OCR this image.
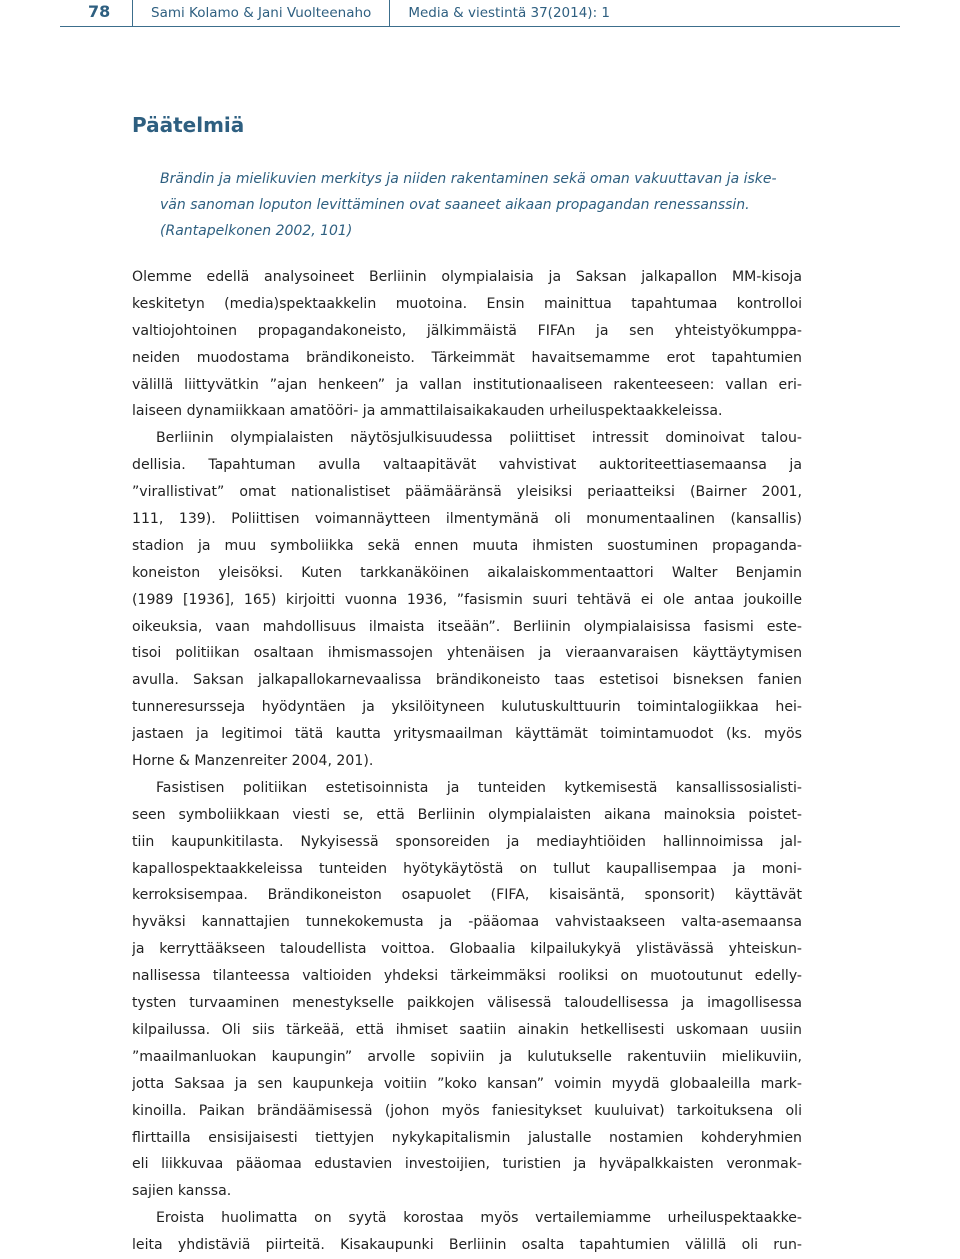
78	Sami Kolamo & Jani Vuolteenaho	Media & viestintä 37(2014): 1
Päätelmiä
Brändin ja mielikuvien merkitys ja niiden rakentaminen sekä oman vakuuttavan ja iske-
vän sanoman loputon levittäminen ovat saaneet aikaan propagandan renessanssin.
(Rantapelkonen 2002, 101)
Olemme edellä analysoineet Berliinin olympialaisia ja Saksan jalkapallon MM-kisoja
keskitetyn (media)spektaakkelin muotoina. Ensin mainittua tapahtumaa kontrolloi
valtiojohtoinen propagandakoneisto, jälkimmäistä FIFAn ja sen yhteistyökumppa-
neiden muodostama brändikoneisto. Tärkeimmät havaitsemamme erot tapahtumien
välillä liittyvätkin ”ajan henkeen” ja vallan institutionaaliseen rakenteeseen: vallan eri-
laiseen dynamiikkaan amatööri- ja ammattilaisaikakauden urheiluspektaakkeleissa.
Berliinin olympialaisten näytösjulkisuudessa poliittiset intressit dominoivat talou-
dellisia. Tapahtuman avulla valtaapitävät vahvistivat auktoriteettiasemaansa ja
”virallistivat” omat nationalistiset päämääränsä yleisiksi periaatteiksi (Bairner 2001,
111, 139). Poliittisen voimannäytteen ilmentymänä oli monumentaalinen (kansallis)
stadion ja muu symboliikka sekä ennen muuta ihmisten suostuminen propaganda-
koneiston yleisöksi. Kuten tarkkanäköinen aikalaiskommentaattori Walter Benjamin
(1989 [1936], 165) kirjoitti vuonna 1936, ”fasismin suuri tehtävä ei ole antaa joukoille
oikeuksia, vaan mahdollisuus ilmaista itseään”. Berliinin olympialaisissa fasismi este-
tisoi politiikan osaltaan ihmismassojen yhtenäisen ja vieraanvaraisen käyttäytymisen
avulla. Saksan jalkapallokarnevaalissa brändikoneisto taas estetisoi bisneksen fanien
tunneresursseja hyödyntäen ja yksilöityneen kulutuskulttuurin toimintalogiikkaa hei-
jastaen ja legitimoi tätä kautta yritysmaailman käyttämät toimintamuodot (ks. myös
Horne & Manzenreiter 2004, 201).
Fasistisen politiikan estetisoinnista ja tunteiden kytkemisestä kansallissosialisti-
seen symboliikkaan viesti se, että Berliinin olympialaisten aikana mainoksia poistet-
tiin kaupunkitilasta. Nykyisessä sponsoreiden ja mediayhtiöiden hallinnoimissa jal-
kapallospektaakkeleissa tunteiden hyötykäytöstä on tullut kaupallisempaa ja moni-
kerroksisempaa. Brändikoneiston osapuolet (FIFA, kisaisäntä, sponsorit) käyttävät
hyväksi kannattajien tunnekokemusta ja -pääomaa vahvistaakseen valta-asemaansa
ja kerryttääkseen taloudellista voittoa. Globaalia kilpailukykyä ylistävässä yhteiskun-
nallisessa tilanteessa valtioiden yhdeksi tärkeimmäksi rooliksi on muotoutunut edelly-
tysten turvaaminen menestykselle paikkojen välisessä taloudellisessa ja imagollisessa
kilpailussa. Oli siis tärkeää, että ihmiset saatiin ainakin hetkellisesti uskomaan uusiin
”maailmanluokan kaupungin” arvolle sopiviin ja kulutukselle rakentuviin mielikuviin,
jotta Saksaa ja sen kaupunkeja voitiin ”koko kansan” voimin myydä globaaleilla mark-
kinoilla. Paikan brändäämisessä (johon myös faniesitykset kuuluivat) tarkoituksena oli
flirttailla ensisijaisesti tiettyjen nykykapitalismin jalustalle nostamien kohderyhmien
eli liikkuvaa pääomaa edustavien investoijien, turistien ja hyväpalkkaisten veronmak-
sajien kanssa.
Eroista huolimatta on syytä korostaa myös vertailemiamme urheiluspektaakke-
leita yhdistäviä piirteitä. Kisakaupunki Berliinin osalta tapahtumien välillä oli run-
